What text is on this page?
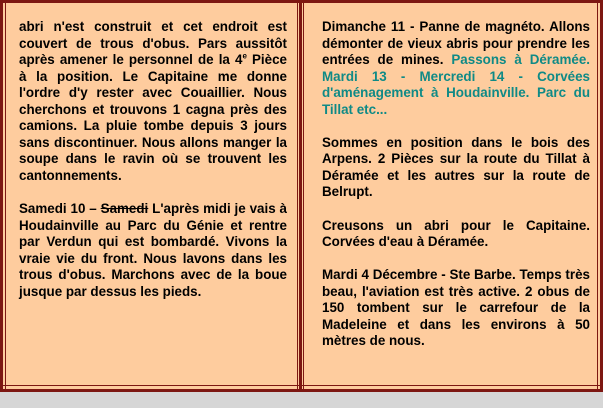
abri n'est construit et cet endroit est couvert de trous d'obus. Pars aussitôt après amener le personnel de la 4e Pièce à la position. Le Capitaine me donne l'ordre d'y rester avec Couaillier. Nous cherchons et trouvons 1 cagna près des camions. La pluie tombe depuis 3 jours sans discontinuer. Nous allons manger la soupe dans le ravin où se trouvent les cantonnements.

Samedi 10 – Samedi L'après midi je vais à Houdainville au Parc du Génie et rentre par Verdun qui est bombardé. Vivons la vraie vie du front. Nous lavons dans les trous d'obus. Marchons avec de la boue jusque par dessus les pieds.

Dimanche 11 - Panne de magnéto. Allons démonter de vieux abris pour prendre les entrées de mines. Passons à Déramée. Mardi 13 - Mercredi 14 - Corvées d'aménagement à Houdainville. Parc du Tillat etc...

Sommes en position dans le bois des Arpens. 2 Pièces sur la route du Tillat à Déramée et les autres sur la route de Belrupt.

Creusons un abri pour le Capitaine. Corvées d'eau à Déramée.

Mardi 4 Décembre - Ste Barbe. Temps très beau, l'aviation est très active. 2 obus de 150 tombent sur le carrefour de la Madeleine et dans les environs à 50 mètres de nous.
